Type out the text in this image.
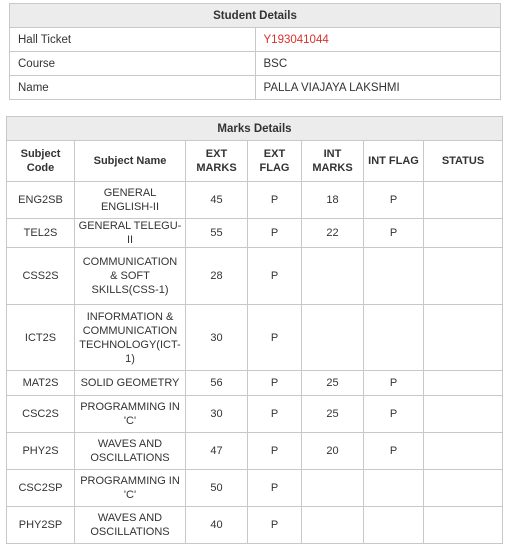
Student Details	
Hall Ticket	Y193041044
Course	BSC
Name	PALLA VIAJAYA LAKSHMI
Marks Details						
Subject Code	Subject Name	EXT MARKS	EXT FLAG	INT MARKS	INT FLAG	STATUS
ENG2SB	GENERAL ENGLISH-II	45	P	18	P	
TEL2S	GENERAL TELEGU-II	55	P	22	P	
CSS2S	COMMUNICATION & SOFT SKILLS(CSS-1)	28	P			
ICT2S	INFORMATION & COMMUNICATION TECHNOLOGY(ICT-1)	30	P			
MAT2S	SOLID GEOMETRY	56	P	25	P	
CSC2S	PROGRAMMING IN 'C'	30	P	25	P	
PHY2S	WAVES AND OSCILLATIONS	47	P	20	P	
CSC2SP	PROGRAMMING IN 'C'	50	P			
PHY2SP	WAVES AND OSCILLATIONS	40	P			
